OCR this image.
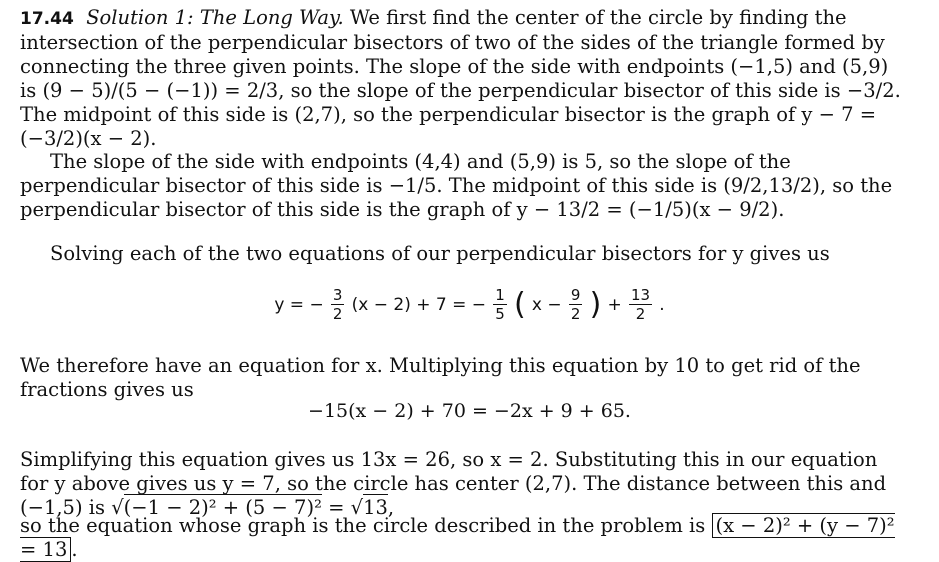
17.44 Solution 1: The Long Way. We first find the center of the circle by finding the intersection of the perpendicular bisectors of two of the sides of the triangle formed by connecting the three given points. The slope of the side with endpoints (−1,5) and (5,9) is (9 − 5)/(5 − (−1)) = 2/3, so the slope of the perpendicular bisector of this side is −3/2. The midpoint of this side is (2,7), so the perpendicular bisector is the graph of y − 7 = (−3/2)(x − 2).

The slope of the side with endpoints (4,4) and (5,9) is 5, so the slope of the perpendicular bisector of this side is −1/5. The midpoint of this side is (9/2,13/2), so the perpendicular bisector of this side is the graph of y − 13/2 = (−1/5)(x − 9/2).

Solving each of the two equations of our perpendicular bisectors for y gives us

y = − $\frac{3}{2} (x - 2) + 7$ = − $\frac{1}{5}$ ( $x - \frac{9}{2}$ ) + $\frac{13}{2}$ .

We therefore have an equation for x. Multiplying this equation by 10 to get rid of the fractions gives us

−15(x − 2) + 70 = −2x + 9 + 65.

Simplifying this equation gives us 13x = 26, so x = 2. Substituting this in our equation for y above gives us y = 7, so the circle has center (2,7). The distance between this and (−1,5) is √(−1 − 2)² + (5 − 7)² = √13,

so the equation whose graph is the circle described in the problem is (x − 2)² + (y − 7)² = 13 .
